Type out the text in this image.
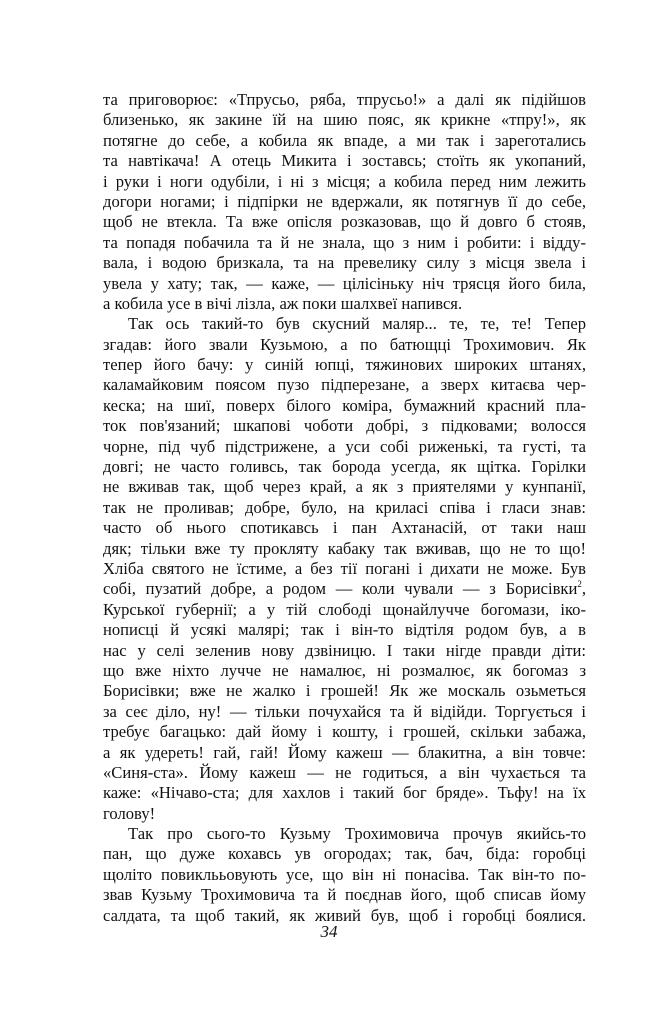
та приговорює: «Тпрусьо, ряба, тпрусьо!» а далі як підійшов
близенько, як закине їй на шию пояс, як крикне «тпру!», як
потягне до себе, а кобила як впаде, а ми так і зареготались
та навтікача! А отець Микита і зоставсь; стоїть як укопаний,
і руки і ноги одубіли, і ні з місця; а кобила перед ним лежить
догори ногами; і підпірки не вдержали, як потягнув її до себе,
щоб не втекла. Та вже опісля розказовав, що й довго б стояв,
та попадя побачила та й не знала, що з ним і робити: і відду-
вала, і водою бризкала, та на превелику силу з місця звела і
увела у хату; так, — каже, — цілісіньку ніч трясця його била,
а кобила усе в вічі лізла, аж поки шалхвеї напився.
Так ось такий-то був скусний маляр... те, те, те! Тепер
згадав: його звали Кузьмою, а по батющці Трохимович. Як
тепер його бачу: у синій юпці, тяжинових широких штанях,
каламайковим поясом пузо підперезане, а зверх китаєва чер-
кеска; на шиї, поверх білого коміра, бумажний красний пла-
ток пов'язаний; шкапові чоботи добрі, з підковами; волосся
чорне, під чуб підстрижене, а уси собі риженькі, та густі, та
довгі; не часто голивсь, так борода усегда, як щітка. Горілки
не вживав так, щоб через край, а як з приятелями у кунпанії,
так не проливав; добре, було, на криласі співа і гласи знав:
часто об нього спотикавсь і пан Ахтанасій, от таки наш
дяк; тільки вже ту прокляту кабаку так вживав, що не то що!
Хліба святого не їстиме, а без тії погані і дихати не може. Був
собі, пузатий добре, а родом — коли чували — з Борисівки$^2$,
Курської губернії; а у тій слободі щонайлучче богомази, іко-
нописці й усякі малярі; так і він-то відтіля родом був, а в
нас у селі зеленив нову дзвіницю. І таки нігде правди діти:
що вже ніхто лучче не намалює, ні розмалює, як богомаз з
Борисівки; вже не жалко і грошей! Як же москаль озьметься
за сеє діло, ну! — тільки почухайся та й відійди. Торгується і
требує багацько: дай йому і кошту, і грошей, скільки забажа,
а як удереть! гай, гай! Йому кажеш — блакитна, а він товче:
«Синя-ста». Йому кажеш — не годиться, а він чухається та
каже: «Нічаво-ста; для хахлов і такий бог бряде». Тьфу! на їх
голову!
Так про сього-то Кузьму Трохимовича прочув якийсь-то
пан, що дуже кохавсь ув огородах; так, бач, біда: горобці
щоліто повиклььовують усе, що він ні понасіва. Так він-то по-
звав Кузьму Трохимовича та й поєднав його, щоб списав йому
салдата, та щоб такий, як живий був, щоб і горобці боялися.
34
